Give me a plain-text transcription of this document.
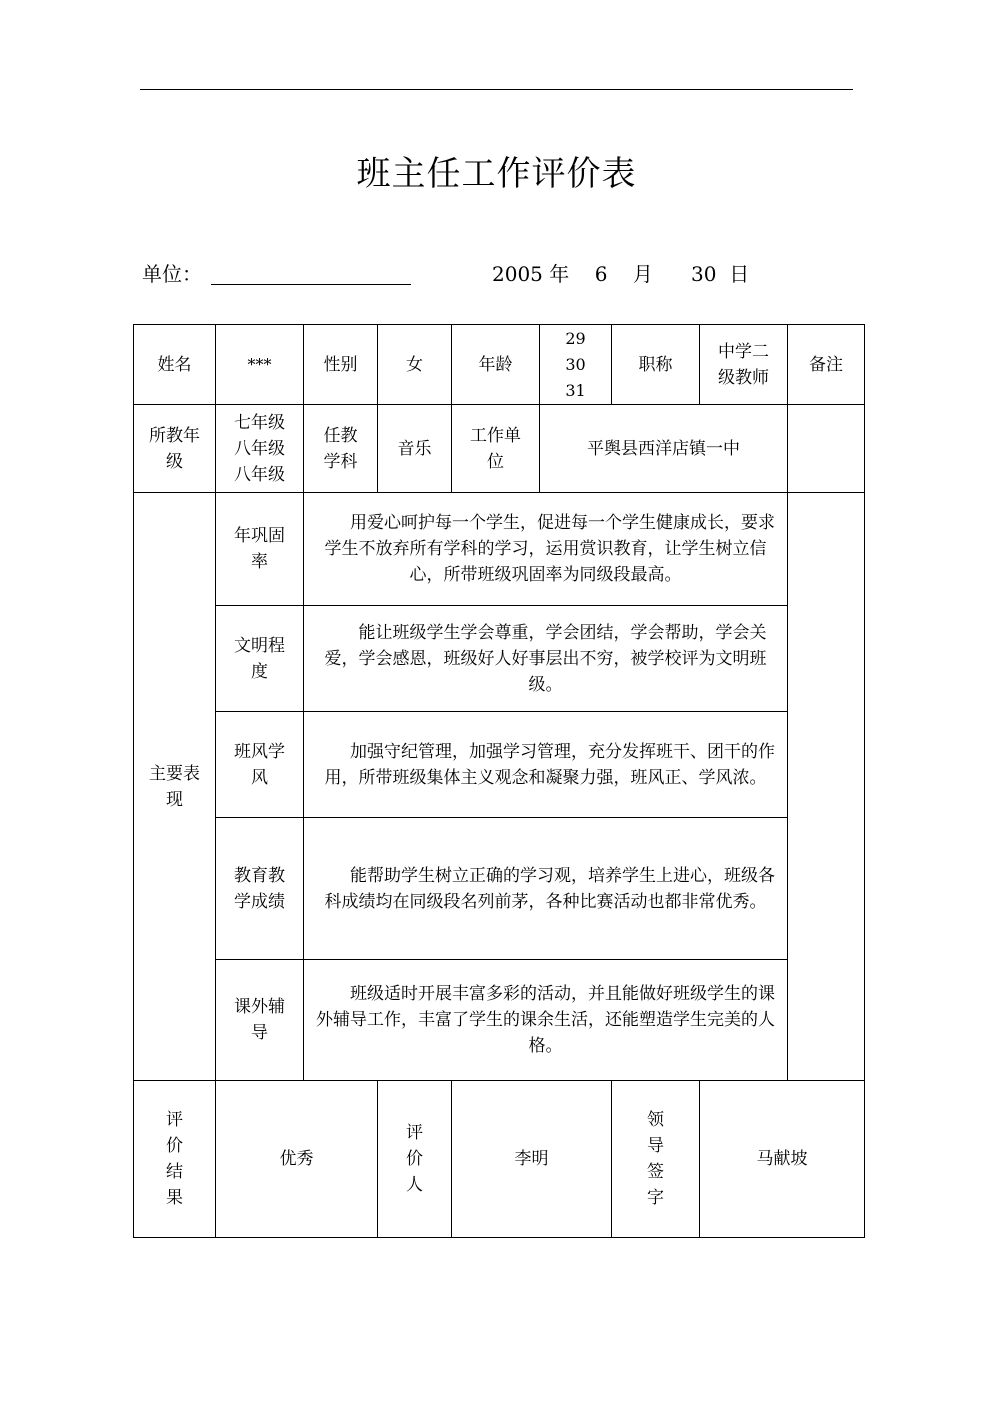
班主任工作评价表
单位：	2005 年 6 月 30 日
姓名	***	性别	女	年龄	29
30
31	职称	中学二
级教师	备注

所教年
级	七年级
八年级
八年级	任教
学科	音乐	工作单
位	平舆县西洋店镇一中			

主要表
现	年巩固
率	用爱心呵护每一个学生，促进每一个学生健康成长，要求学生不放弃所有学科的学习，运用赏识教育，让学生树立信心，所带班级巩固率为同级段最高。						

	文明程
度	能让班级学生学会尊重，学会团结，学会帮助，学会关爱，学会感恩，班级好人好事层出不穷，被学校评为文明班级。						

	班风学
风	加强守纪管理，加强学习管理，充分发挥班干、团干的作用，所带班级集体主义观念和凝聚力强，班风正、学风浓。						

	教育教
学成绩	能帮助学生树立正确的学习观，培养学生上进心，班级各科成绩均在同级段名列前茅，各种比赛活动也都非常优秀。						

	课外辅
导	班级适时开展丰富多彩的活动，并且能做好班级学生的课外辅导工作，丰富了学生的课余生活，还能塑造学生完美的人格。						

评
价
结
果	优秀		评
价
人	李明		领
导
签
字	马献坡	
